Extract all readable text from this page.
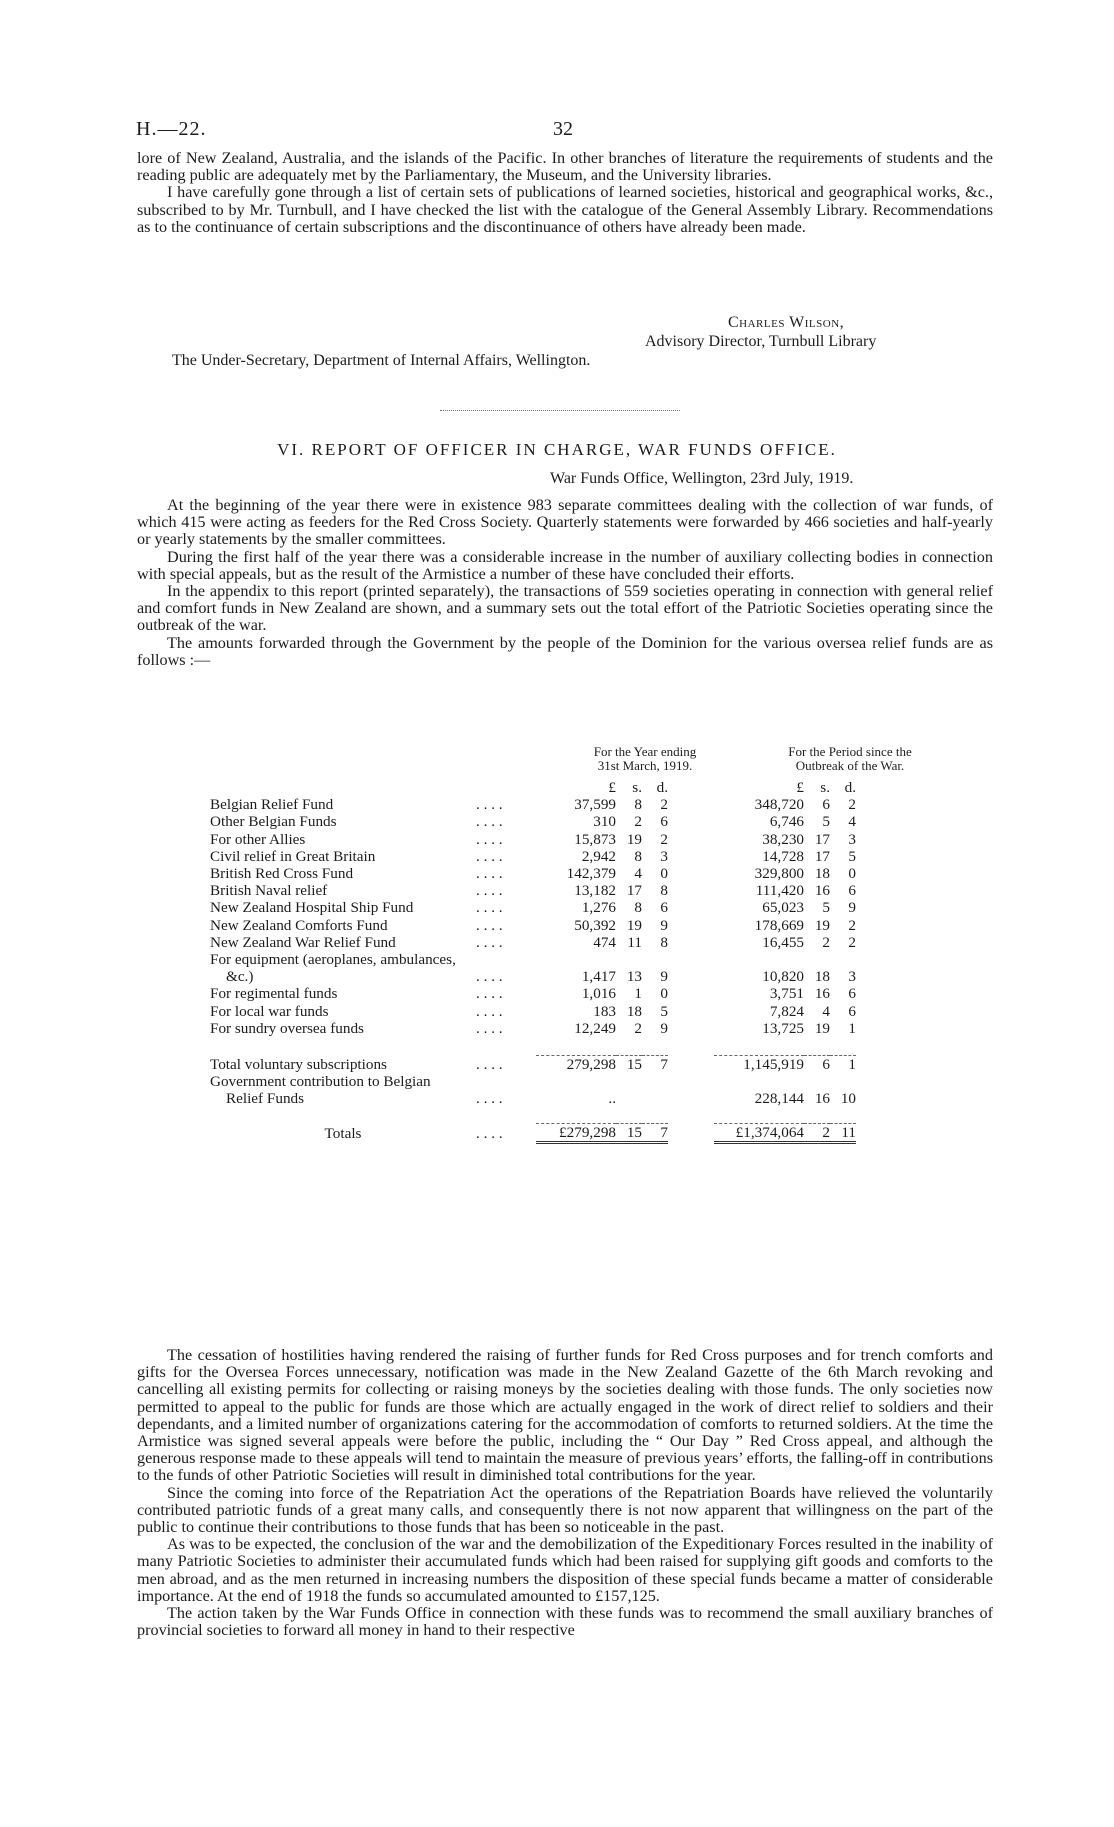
H.—22.	32

lore of New Zealand, Australia, and the islands of the Pacific. In other branches of literature the requirements of students and the reading public are adequately met by the Parliamentary, the Museum, and the University libraries.

I have carefully gone through a list of certain sets of publications of learned societies, historical and geographical works, &c., subscribed to by Mr. Turnbull, and I have checked the list with the catalogue of the General Assembly Library. Recommendations as to the continuance of certain subscriptions and the discontinuance of others have already been made.

Charles Wilson,
Advisory Director, Turnbull Library
The Under-Secretary, Department of Internal Affairs, Wellington.
VI. REPORT OF OFFICER IN CHARGE, WAR FUNDS OFFICE.
War Funds Office, Wellington, 23rd July, 1919.

At the beginning of the year there were in existence 983 separate committees dealing with the collection of war funds, of which 415 were acting as feeders for the Red Cross Society. Quarterly statements were forwarded by 466 societies and half-yearly or yearly statements by the smaller committees.

During the first half of the year there was a considerable increase in the number of auxiliary collecting bodies in connection with special appeals, but as the result of the Armistice a number of these have concluded their efforts.

In the appendix to this report (printed separately), the transactions of 559 societies operating in connection with general relief and comfort funds in New Zealand are shown, and a summary sets out the total effort of the Patriotic Societies operating since the outbreak of the war.

The amounts forwarded through the Government by the people of the Dominion for the various oversea relief funds are as follows :—

For the Year ending
31st March, 1919.
For the Period since the
Outbreak of the War.
		£	s.	d.		£	s.	d.
Belgian Relief Fund	. . . .	37,599	8	2		348,720	6	2
Other Belgian Funds	. . . .	310	2	6		6,746	5	4
For other Allies	. . . .	15,873	19	2		38,230	17	3
Civil relief in Great Britain	. . . .	2,942	8	3		14,728	17	5
British Red Cross Fund	. . . .	142,379	4	0		329,800	18	0
British Naval relief	. . . .	13,182	17	8		111,420	16	6
New Zealand Hospital Ship Fund	. . . .	1,276	8	6		65,023	5	9
New Zealand Comforts Fund	. . . .	50,392	19	9		178,669	19	2
New Zealand War Relief Fund	. . . .	474	11	8		16,455	2	2
For equipment (aeroplanes, ambulances,								
&c.)	. . . .	1,417	13	9		10,820	18	3
For regimental funds	. . . .	1,016	1	0		3,751	16	6
For local war funds	. . . .	183	18	5		7,824	4	6
For sundry oversea funds	. . . .	12,249	2	9		13,725	19	1

Total voluntary subscriptions	. . . .	279,298	15	7		1,145,919	6	1
Government contribution to Belgian								
Relief Funds	. . . .	..				228,144	16	10

Totals	. . . .	£279,298	15	7		£1,374,064	2	11

The cessation of hostilities having rendered the raising of further funds for Red Cross purposes and for trench comforts and gifts for the Oversea Forces unnecessary, notification was made in the New Zealand Gazette of the 6th March revoking and cancelling all existing permits for collecting or raising moneys by the societies dealing with those funds. The only societies now permitted to appeal to the public for funds are those which are actually engaged in the work of direct relief to soldiers and their dependants, and a limited number of organizations catering for the accommodation of comforts to returned soldiers. At the time the Armistice was signed several appeals were before the public, including the “ Our Day ” Red Cross appeal, and although the generous response made to these appeals will tend to maintain the measure of previous years’ efforts, the falling-off in contributions to the funds of other Patriotic Societies will result in diminished total contributions for the year.

Since the coming into force of the Repatriation Act the operations of the Repatriation Boards have relieved the voluntarily contributed patriotic funds of a great many calls, and consequently there is not now apparent that willingness on the part of the public to continue their contributions to those funds that has been so noticeable in the past.

As was to be expected, the conclusion of the war and the demobilization of the Expeditionary Forces resulted in the inability of many Patriotic Societies to administer their accumulated funds which had been raised for supplying gift goods and comforts to the men abroad, and as the men returned in increasing numbers the disposition of these special funds became a matter of considerable importance. At the end of 1918 the funds so accumulated amounted to £157,125.

The action taken by the War Funds Office in connection with these funds was to recommend the small auxiliary branches of provincial societies to forward all money in hand to their respective
